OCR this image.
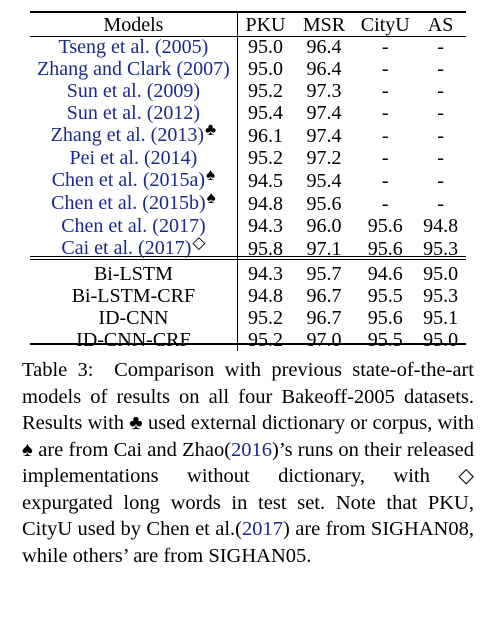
Models	PKU	MSR	CityU	AS
Tseng et al. (2005)	95.0	96.4	-	-
Zhang and Clark (2007)	95.0	96.4	-	-
Sun et al. (2009)	95.2	97.3	-	-
Sun et al. (2012)	95.4	97.4	-	-
Zhang et al. (2013)♣	96.1	97.4	-	-
Pei et al. (2014)	95.2	97.2	-	-
Chen et al. (2015a)♠	94.5	95.4	-	-
Chen et al. (2015b)♠	94.8	95.6	-	-
Chen et al. (2017)	94.3	96.0	95.6	94.8
Cai et al. (2017)◇	95.8	97.1	95.6	95.3
Bi-LSTM	94.3	95.7	94.6	95.0
Bi-LSTM-CRF	94.8	96.7	95.5	95.3
ID-CNN	95.2	96.7	95.6	95.1
ID-CNN-CRF	95.2	97.0	95.5	95.0

Table 3: Comparison with previous state-of-the-art models of results on all four Bakeoff-2005 datasets. Results with ♣ used external dictionary or corpus, with ♠ are from Cai and Zhao(2016)’s runs on their released implementations without dictionary, with ◇ expurgated long words in test set. Note that PKU, CityU used by Chen et al.(2017) are from SIGHAN08, while others’ are from SIGHAN05.
